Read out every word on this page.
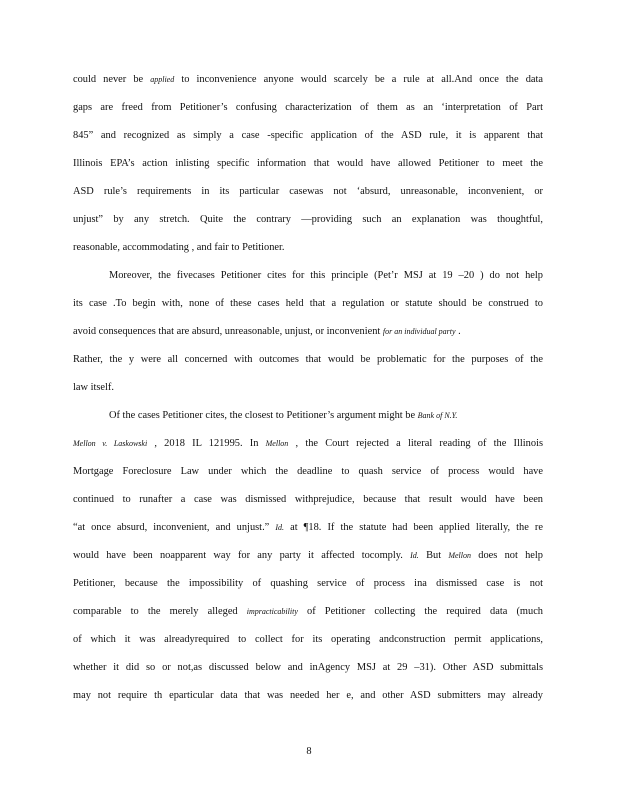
could never be applied to inconvenience anyone would scarcely be a rule at all.And once the data
gaps are freed from Petitioner’s confusing characterization of them as an ‘interpretation of Part
845” and recognized as simply a case -specific application of the ASD rule, it is apparent that
Illinois EPA’s action inlisting specific information that would have allowed Petitioner to meet the
ASD rule’s requirements in its particular casewas not ‘absurd, unreasonable, inconvenient, or
unjust” by any stretch. Quite the contrary —providing such an explanation was thoughtful,
reasonable, accommodating , and fair to Petitioner.
Moreover, the fivecases Petitioner cites for this principle (Pet’r MSJ at 19 –20 ) do not help
its case .To begin with, none of these cases held that a regulation or statute should be construed to
avoid consequences that are absurd, unreasonable, unjust, or inconvenient for an individual party .
Rather, the y were all concerned with outcomes that would be problematic for the purposes of the
law itself.
Of the cases Petitioner cites, the closest to Petitioner’s argument might be Bank of N.Y.
Mellon v. Laskowski , 2018 IL 121995. In Mellon , the Court rejected a literal reading of the Illinois
Mortgage Foreclosure Law under which the deadline to quash service of process would have
continued to runafter a case was dismissed withprejudice, because that result would have been
“at once absurd, inconvenient, and unjust.” Id. at ¶18. If the statute had been applied literally, the re
would have been noapparent way for any party it affected tocomply. Id. But Mellon does not help
Petitioner, because the impossibility of quashing service of process ina dismissed case is not
comparable to the merely alleged impracticability of Petitioner collecting the required data (much
of which it was alreadyrequired to collect for its operating andconstruction permit applications,
whether it did so or not,as discussed below and inAgency MSJ at 29 –31). Other ASD submittals
may not require th eparticular data that was needed her e, and other ASD submitters may already
8
